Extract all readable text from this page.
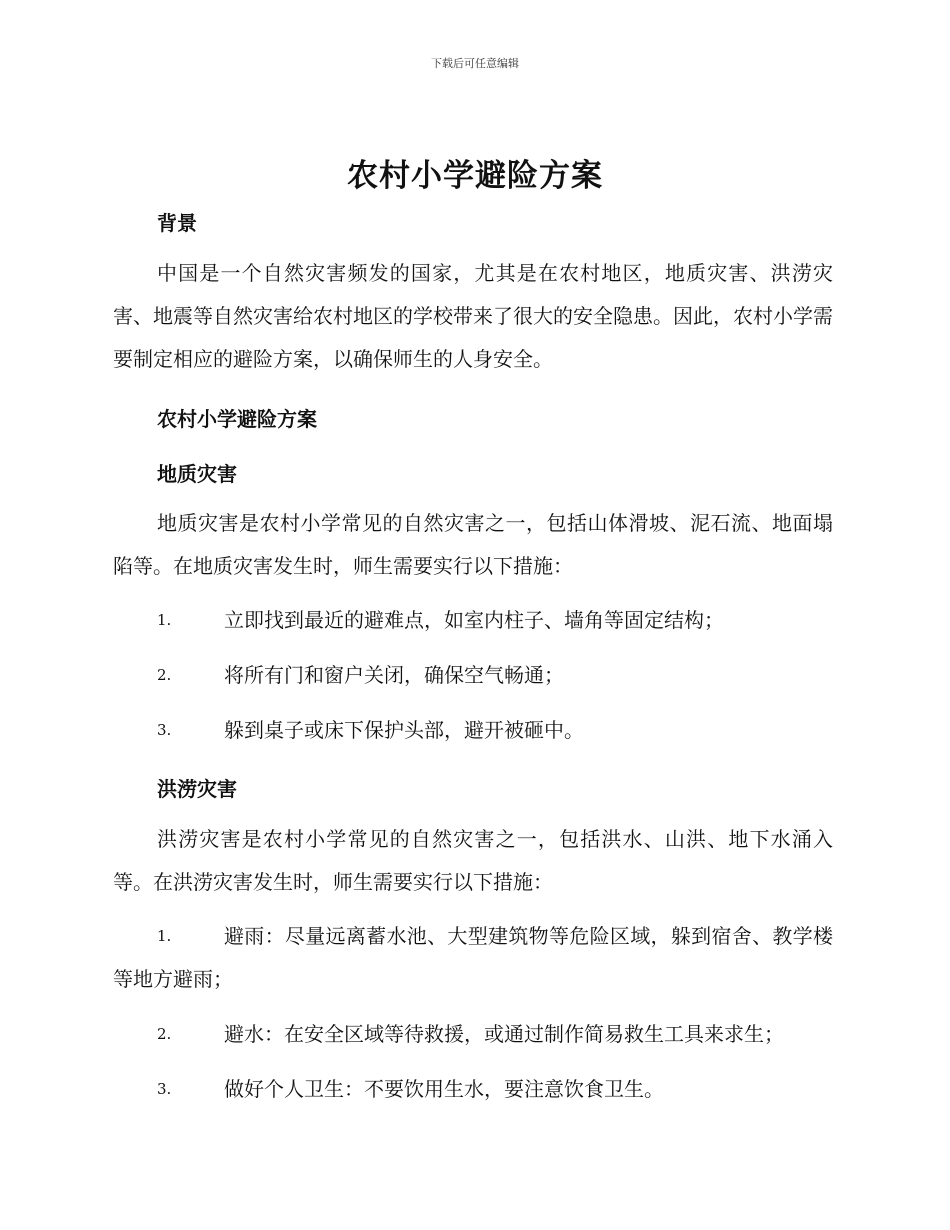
下载后可任意编辑
农村小学避险方案
背景
中国是一个自然灾害频发的国家，尤其是在农村地区，地质灾害、洪涝灾害、地震等自然灾害给农村地区的学校带来了很大的安全隐患。因此，农村小学需要制定相应的避险方案，以确保师生的人身安全。
农村小学避险方案
地质灾害
地质灾害是农村小学常见的自然灾害之一，包括山体滑坡、泥石流、地面塌陷等。在地质灾害发生时，师生需要实行以下措施：
1.	立即找到最近的避难点，如室内柱子、墙角等固定结构；
2.	将所有门和窗户关闭，确保空气畅通；
3.	躲到桌子或床下保护头部，避开被砸中。
洪涝灾害
洪涝灾害是农村小学常见的自然灾害之一，包括洪水、山洪、地下水涌入等。在洪涝灾害发生时，师生需要实行以下措施：
1.	避雨：尽量远离蓄水池、大型建筑物等危险区域，躲到宿舍、教学楼等地方避雨；
2.	避水：在安全区域等待救援，或通过制作简易救生工具来求生；
3.	做好个人卫生：不要饮用生水，要注意饮食卫生。
